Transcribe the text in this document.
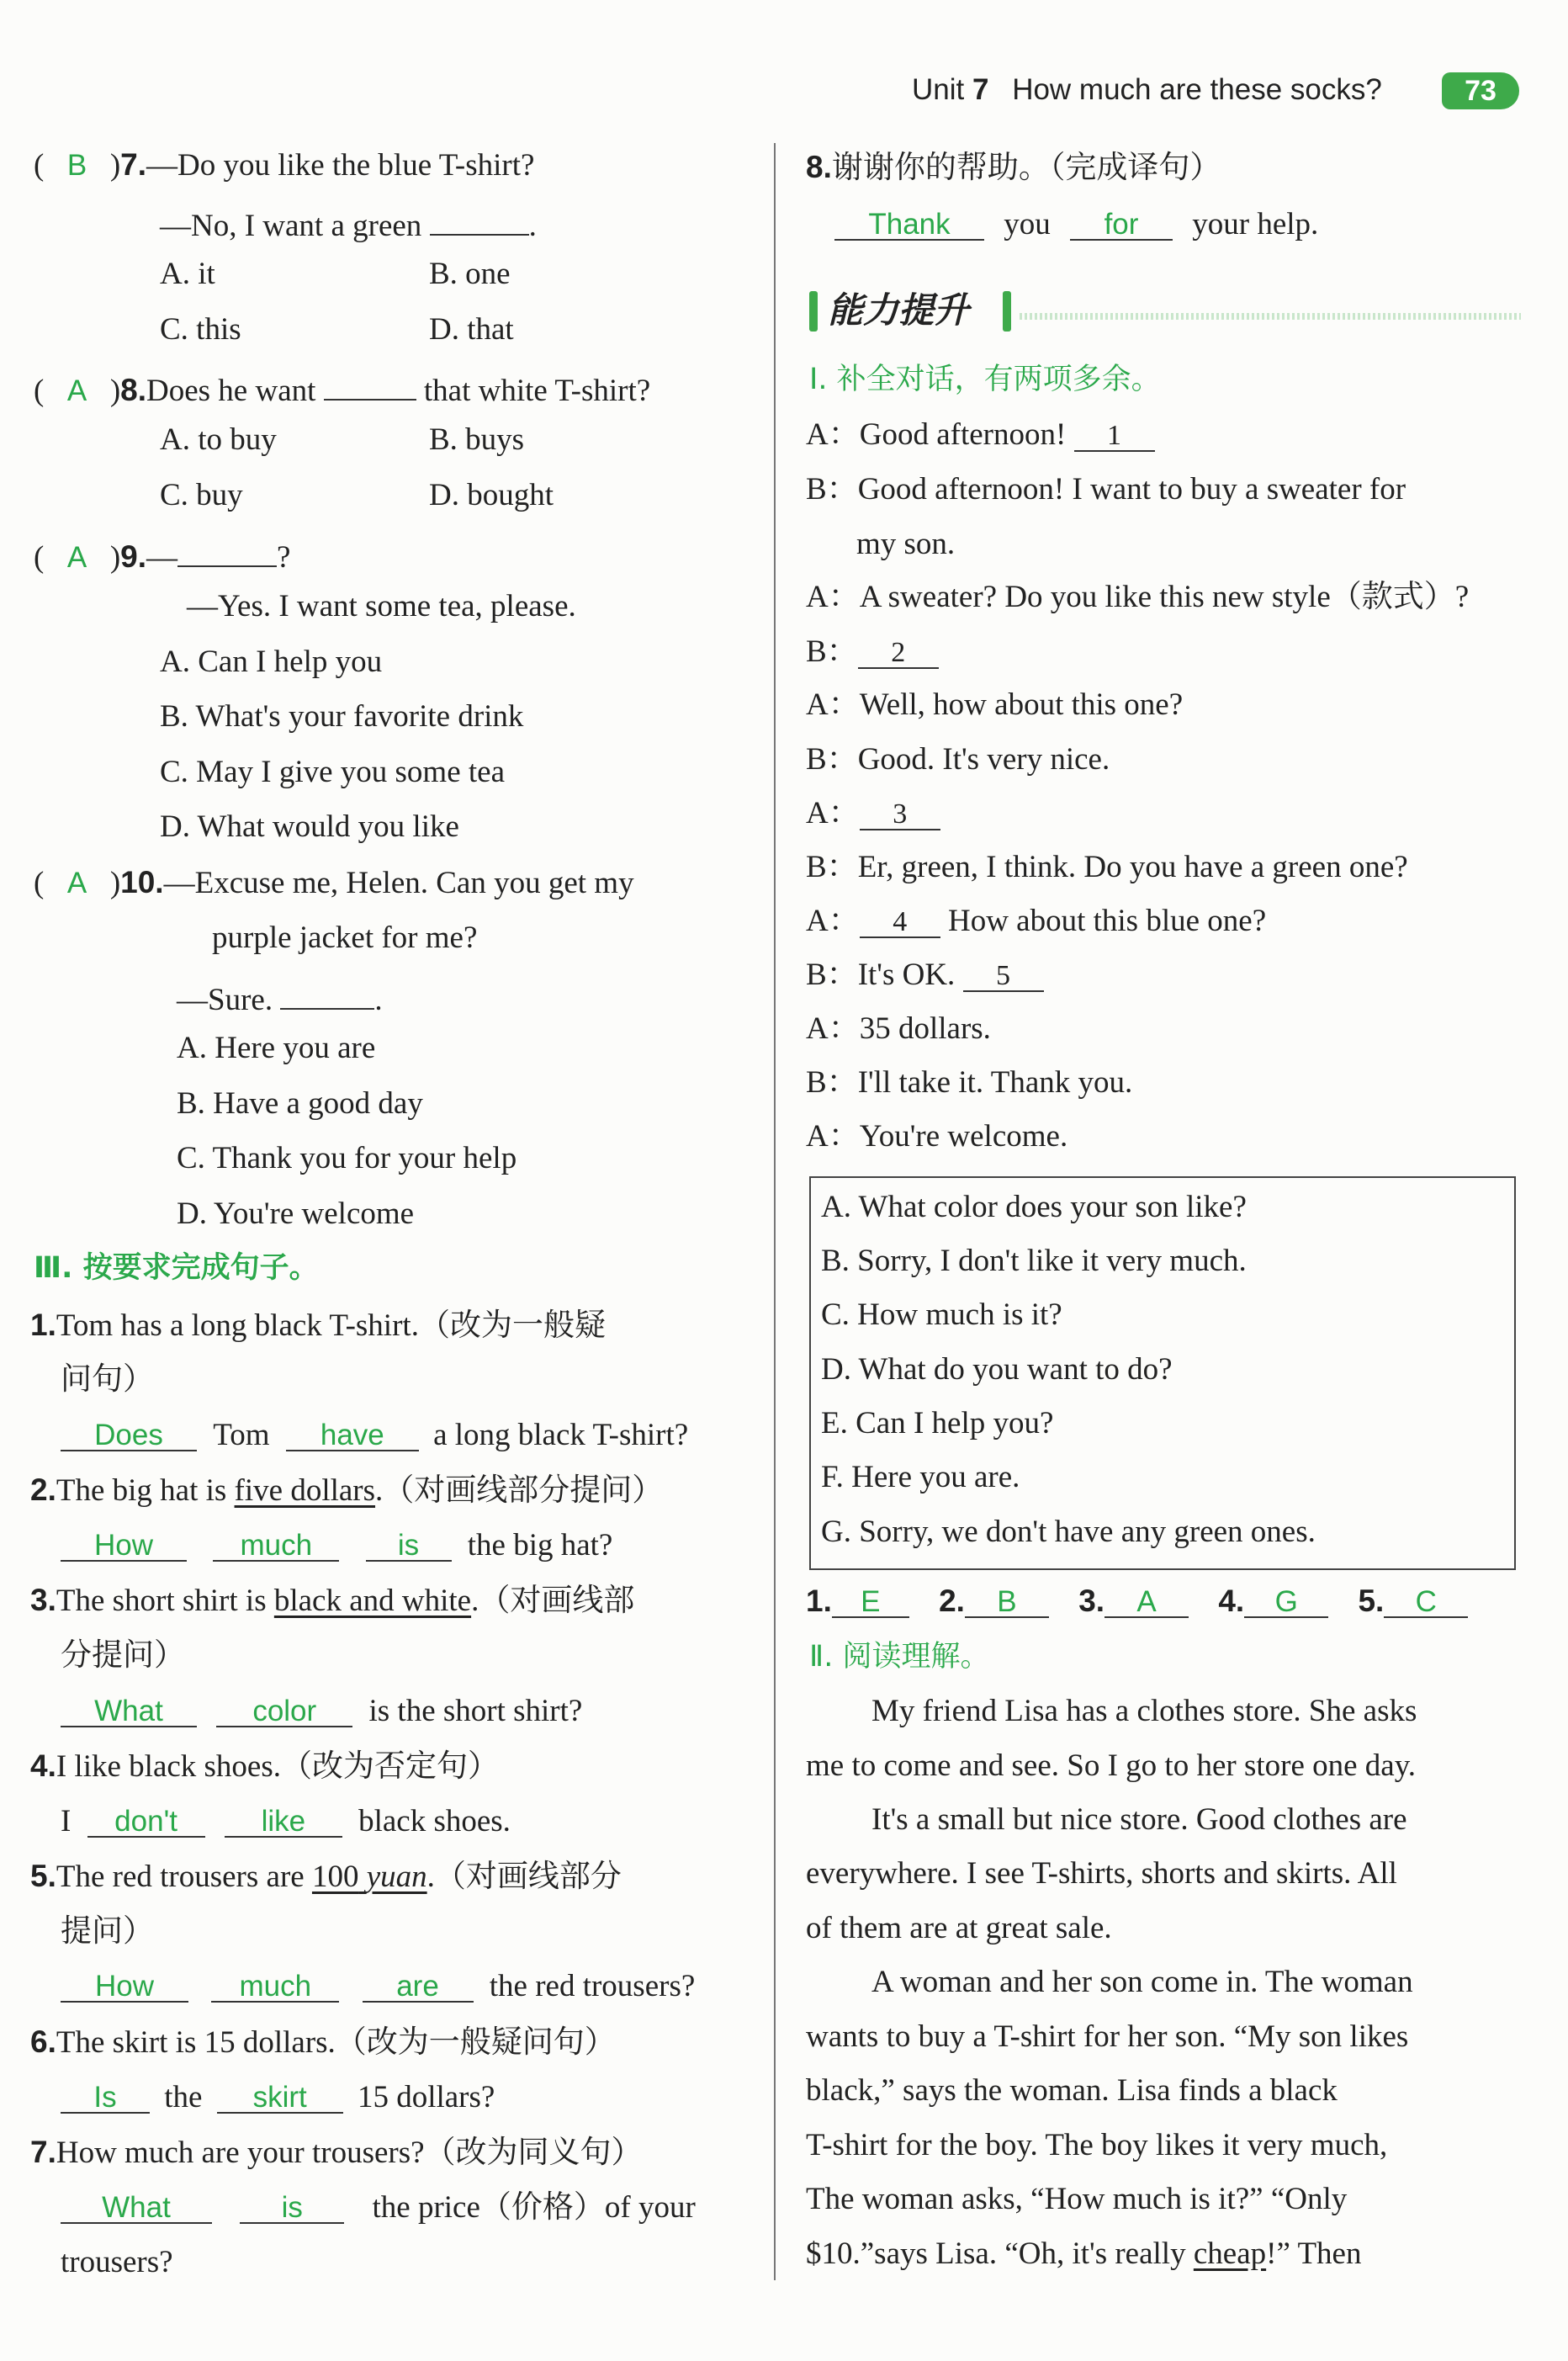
Unit 7 How much are these socks?	73
( B )7.—Do you like the blue T-shirt?
—No, I want a green	.
A. it	B. one
C. this	D. that
( A )8.Does he want	that white T-shirt?
A. to buy	B. buys
C. buy	D. bought
( A )9.—	?
—Yes. I want some tea, please.
A. Can I help you
B. What's your favorite drink
C. May I give you some tea
D. What would you like
( A )10.—Excuse me, Helen. Can you get my
purple jacket for me?
—Sure.	.
A. Here you are
B. Have a good day
C. Thank you for your help
D. You're welcome
Ⅲ. 按要求完成句子。
1.Tom has a long black T-shirt.（改为一般疑
问句）
Does Tom have a long black T-shirt?
2.The big hat is five dollars.（对画线部分提问）
How	much	is the big hat?
3.The short shirt is black and white.（对画线部
分提问）
What	color is the short shirt?
4.I like black shoes.（改为否定句）
I don't	like black shoes.
5.The red trousers are 100 yuan.（对画线部分
提问）
How	much	are the red trousers?
6.The skirt is 15 dollars.（改为一般疑问句）
Is the skirt 15 dollars?
7.How much are your trousers?（改为同义句）
What	is the price（价格）of your
trousers?
8.谢谢你的帮助。（完成译句）
Thank you for your help.
能力提升
Ⅰ. 补全对话，有两项多余。
A：Good afternoon! 1
B：Good afternoon! I want to buy a sweater for
my son.
A：A sweater? Do you like this new style（款式）?
B： 2
A：Well, how about this one?
B：Good. It's very nice.
A： 3
B：Er, green, I think. Do you have a green one?
A： 4 How about this blue one?
B：It's OK. 5
A：35 dollars.
B：I'll take it. Thank you.
A：You're welcome.
A. What color does your son like?
B. Sorry, I don't like it very much.
C. How much is it?
D. What do you want to do?
E. Can I help you?
F. Here you are.
G. Sorry, we don't have any green ones.
1. E 2. B 3. A 4. G 5. C
Ⅱ. 阅读理解。
My friend Lisa has a clothes store. She asks
me to come and see. So I go to her store one day.
It's a small but nice store. Good clothes are
everywhere. I see T-shirts, shorts and skirts. All
of them are at great sale.
A woman and her son come in. The woman
wants to buy a T-shirt for her son. “My son likes
black,” says the woman. Lisa finds a black
T-shirt for the boy. The boy likes it very much,
The woman asks, “How much is it?” “Only
$10.”says Lisa. “Oh, it's really cheap!” Then
